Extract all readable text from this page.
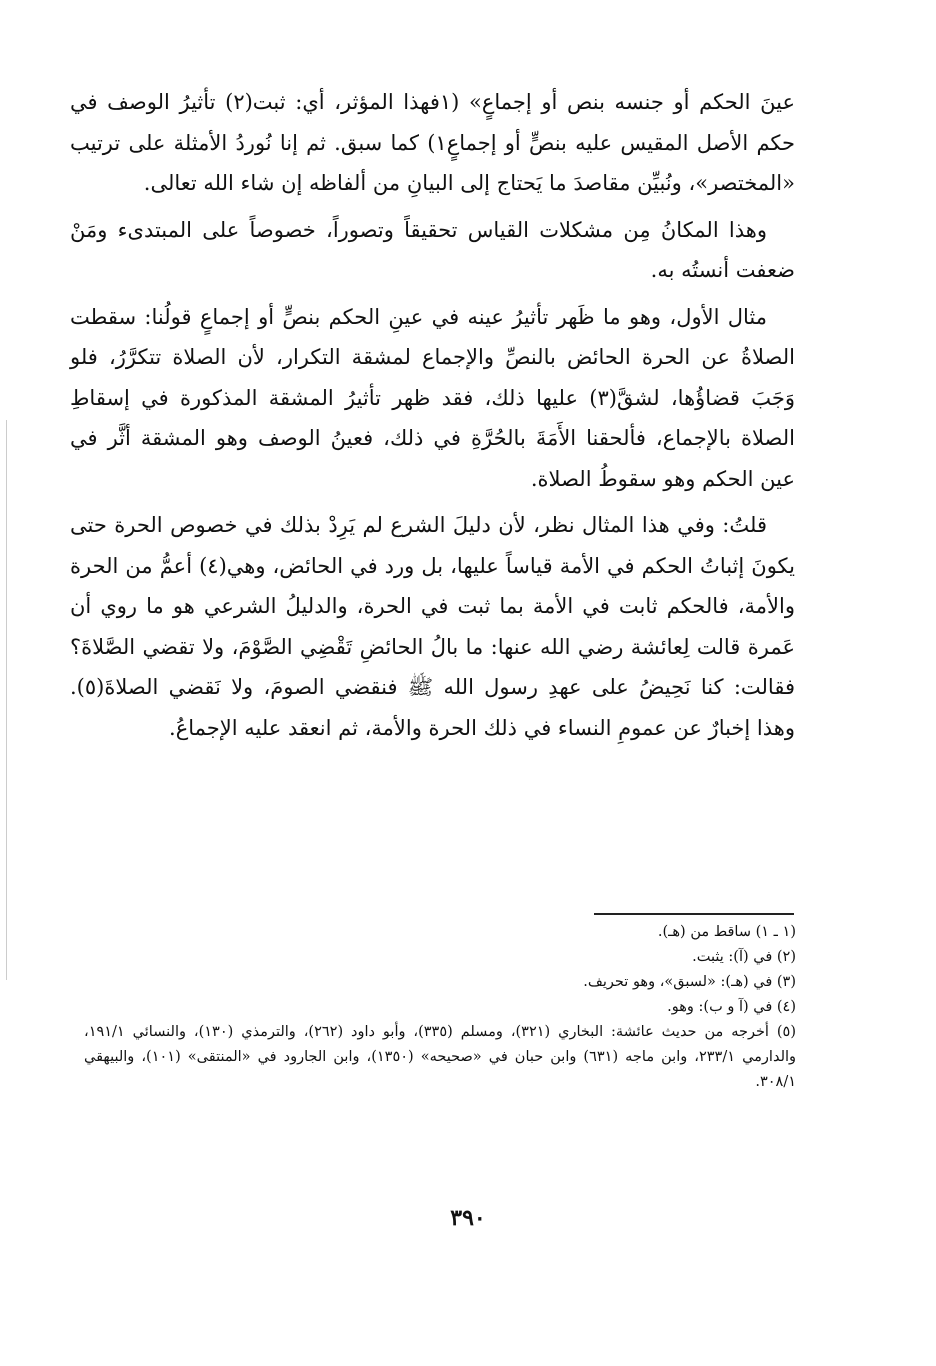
عينَ الحكم أو جنسه بنص أو إجماعٍ» (١فهذا المؤثر، أي: ثبت(٢) تأثيرُ الوصف في حكم الأصل المقيس عليه بنصٍّ أو إجماعٍ١) كما سبق. ثم إنا نُوردُ الأمثلة على ترتيب «المختصر»، ونُبيِّن مقاصدَ ما يَحتاج إلى البيانِ من ألفاظه إن شاء الله تعالى.

وهذا المكانُ مِن مشكلات القياس تحقيقاً وتصوراً، خصوصاً على المبتدىء ومَنْ ضعفت أنستُه به.

مثال الأول، وهو ما ظَهر تأثيرُ عينه في عينِ الحكم بنصٍّ أو إجماعٍ قولُنا: سقطت الصلاةُ عن الحرة الحائض بالنصِّ والإجماع لمشقة التكرار، لأن الصلاة تتكرَّرُ، فلو وَجَبَ قضاؤُها، لشقَّ(٣) عليها ذلك، فقد ظهر تأثيرُ المشقة المذكورة في إسقاطِ الصلاة بالإجماع، فألحقنا الأَمَةَ بالحُرَّةِ في ذلك، فعينُ الوصف وهو المشقة أثَّر في عين الحكم وهو سقوطُ الصلاة.

قلتُ: وفي هذا المثال نظر، لأن دليلَ الشرع لم يَرِدْ بذلك في خصوص الحرة حتى يكونَ إثباتُ الحكم في الأمة قياساً عليها، بل ورد في الحائض، وهي(٤) أعمُّ من الحرة والأمة، فالحكم ثابت في الأمة بما ثبت في الحرة، والدليلُ الشرعي هو ما روي أن عَمرة قالت لِعائشة رضي الله عنها: ما بالُ الحائضِ تَقْضِي الصَّوْمَ، ولا تقضي الصَّلاةَ؟ فقالت: كنا نَحِيضُ على عهدِ رسول الله ﷺ فنقضي الصومَ، ولا نَقضي الصلاةَ(٥). وهذا إخبارٌ عن عمومِ النساء في ذلك الحرة والأمة، ثم انعقد عليه الإجماعُ.

(١ ـ ١) ساقط من (هـ).

(٢) في (آ): يثبت.

(٣) في (هـ): «لسبق»، وهو تحريف.

(٤) في (آ و ب): وهو.

(٥) أخرجه من حديث عائشة: البخاري (٣٢١)، ومسلم (٣٣٥)، وأبو داود (٢٦٢)، والترمذي (١٣٠)، والنسائي ١٩١/١، والدارمي ٢٣٣/١، وابن ماجه (٦٣١) وابن حبان في «صحيحه» (١٣٥٠)، وابن الجارود في «المنتقى» (١٠١)، والبيهقي ٣٠٨/١.

٣٩٠
